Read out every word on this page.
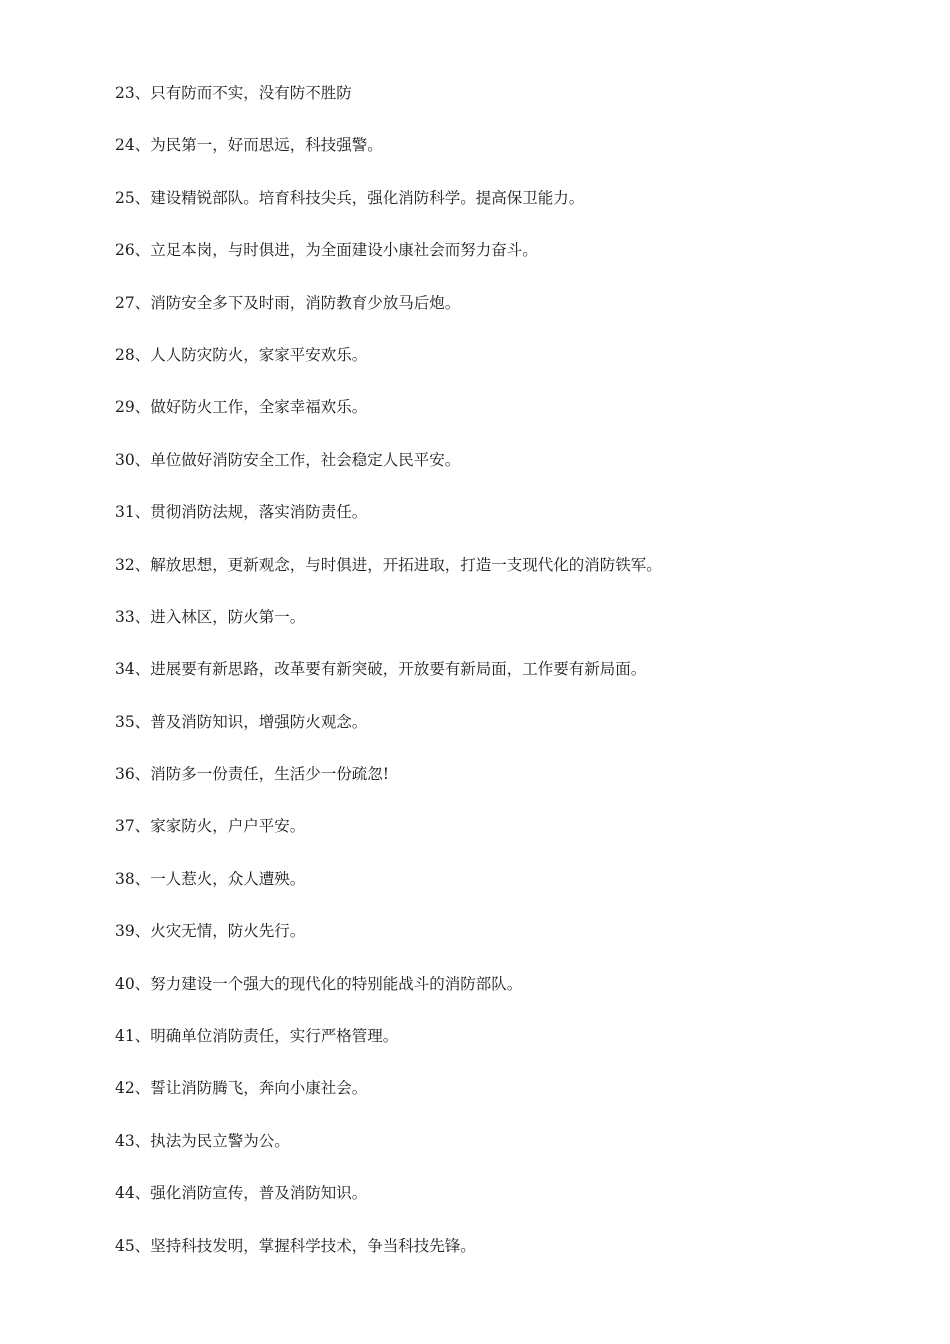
23、只有防而不实，没有防不胜防
24、为民第一，好而思远，科技强警。
25、建设精锐部队。培育科技尖兵，强化消防科学。提高保卫能力。
26、立足本岗，与时俱进，为全面建设小康社会而努力奋斗。
27、消防安全多下及时雨，消防教育少放马后炮。
28、人人防灾防火，家家平安欢乐。
29、做好防火工作，全家幸福欢乐。
30、单位做好消防安全工作，社会稳定人民平安。
31、贯彻消防法规，落实消防责任。
32、解放思想，更新观念，与时俱进，开拓进取，打造一支现代化的消防铁军。
33、进入林区，防火第一。
34、进展要有新思路，改革要有新突破，开放要有新局面，工作要有新局面。
35、普及消防知识，增强防火观念。
36、消防多一份责任，生活少一份疏忽!
37、家家防火，户户平安。
38、一人惹火，众人遭殃。
39、火灾无情，防火先行。
40、努力建设一个强大的现代化的特别能战斗的消防部队。
41、明确单位消防责任，实行严格管理。
42、誓让消防腾飞，奔向小康社会。
43、执法为民立警为公。
44、强化消防宣传，普及消防知识。
45、坚持科技发明，掌握科学技术，争当科技先锋。
